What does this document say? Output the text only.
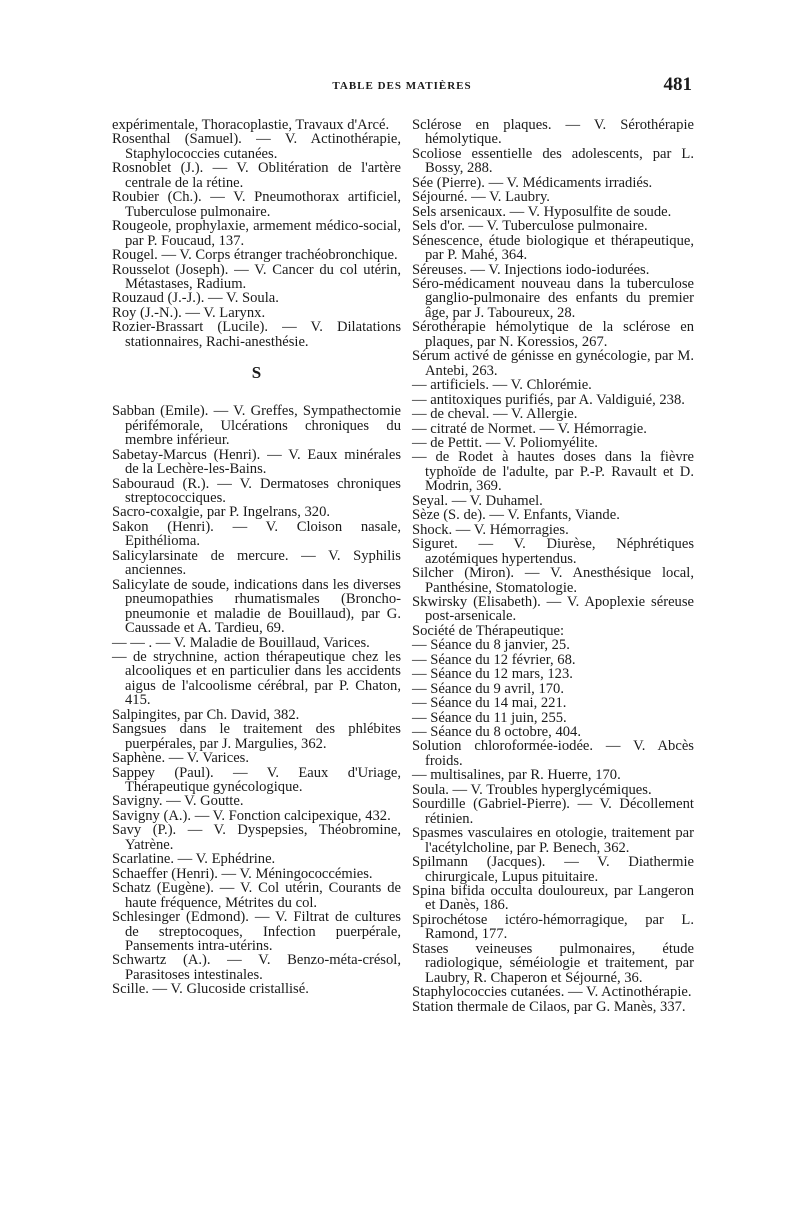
TABLE DES MATIÈRES	481

expérimentale, Thoracoplastie, Travaux d'Arcé.

Rosenthal (Samuel). — V. Actinothérapie, Staphylococcies cutanées.

Rosnoblet (J.). — V. Oblitération de l'artère centrale de la rétine.

Roubier (Ch.). — V. Pneumothorax artificiel, Tuberculose pulmonaire.

Rougeole, prophylaxie, armement médico-social, par P. Foucaud, 137.

Rougel. — V. Corps étranger trachéobronchique.

Rousselot (Joseph). — V. Cancer du col utérin, Métastases, Radium.

Rouzaud (J.-J.). — V. Soula.

Roy (J.-N.). — V. Larynx.

Rozier-Brassart (Lucile). — V. Dilatations stationnaires, Rachi-anesthésie.

S

Sabban (Emile). — V. Greffes, Sympathectomie périfémorale, Ulcérations chroniques du membre inférieur.

Sabetay-Marcus (Henri). — V. Eaux minérales de la Lechère-les-Bains.

Sabouraud (R.). — V. Dermatoses chroniques streptococciques.

Sacro-coxalgie, par P. Ingelrans, 320.

Sakon (Henri). — V. Cloison nasale, Epithélioma.

Salicylarsinate de mercure. — V. Syphilis anciennes.

Salicylate de soude, indications dans les diverses pneumopathies rhumatismales (Broncho-pneumonie et maladie de Bouillaud), par G. Caussade et A. Tardieu, 69.

— — . — V. Maladie de Bouillaud, Varices.

— de strychnine, action thérapeutique chez les alcooliques et en particulier dans les accidents aigus de l'alcoolisme cérébral, par P. Chaton, 415.

Salpingites, par Ch. David, 382.

Sangsues dans le traitement des phlébites puerpérales, par J. Margulies, 362.

Saphène. — V. Varices.

Sappey (Paul). — V. Eaux d'Uriage, Thérapeutique gynécologique.

Savigny. — V. Goutte.

Savigny (A.). — V. Fonction calcipexique, 432.

Savy (P.). — V. Dyspepsies, Théobromine, Yatrène.

Scarlatine. — V. Ephédrine.

Schaeffer (Henri). — V. Méningococcémies.

Schatz (Eugène). — V. Col utérin, Courants de haute fréquence, Métrites du col.

Schlesinger (Edmond). — V. Filtrat de cultures de streptocoques, Infection puerpérale, Pansements intra-utérins.

Schwartz (A.). — V. Benzo-méta-crésol, Parasitoses intestinales.

Scille. — V. Glucoside cristallisé.

Sclérose en plaques. — V. Sérothérapie hémolytique.

Scoliose essentielle des adolescents, par L. Bossy, 288.

Sée (Pierre). — V. Médicaments irradiés.

Séjourné. — V. Laubry.

Sels arsenicaux. — V. Hyposulfite de soude.

Sels d'or. — V. Tuberculose pulmonaire.

Sénescence, étude biologique et thérapeutique, par P. Mahé, 364.

Séreuses. — V. Injections iodo-iodurées.

Séro-médicament nouveau dans la tuberculose ganglio-pulmonaire des enfants du premier âge, par J. Taboureux, 28.

Sérothérapie hémolytique de la sclérose en plaques, par N. Koressios, 267.

Sérum activé de génisse en gynécologie, par M. Antebi, 263.

— artificiels. — V. Chlorémie.

— antitoxiques purifiés, par A. Valdiguié, 238.

— de cheval. — V. Allergie.

— citraté de Normet. — V. Hémorragie.

— de Pettit. — V. Poliomyélite.

— de Rodet à hautes doses dans la fièvre typhoïde de l'adulte, par P.-P. Ravault et D. Modrin, 369.

Seyal. — V. Duhamel.

Sèze (S. de). — V. Enfants, Viande.

Shock. — V. Hémorragies.

Siguret. — V. Diurèse, Néphrétiques azotémiques hypertendus.

Silcher (Miron). — V. Anesthésique local, Panthésine, Stomatologie.

Skwirsky (Elisabeth). — V. Apoplexie séreuse post-arsenicale.

Société de Thérapeutique:

— Séance du 8 janvier, 25.

— Séance du 12 février, 68.

— Séance du 12 mars, 123.

— Séance du 9 avril, 170.

— Séance du 14 mai, 221.

— Séance du 11 juin, 255.

— Séance du 8 octobre, 404.

Solution chloroformée-iodée. — V. Abcès froids.

— multisalines, par R. Huerre, 170.

Soula. — V. Troubles hyperglycémiques.

Sourdille (Gabriel-Pierre). — V. Décollement rétinien.

Spasmes vasculaires en otologie, traitement par l'acétylcholine, par P. Benech, 362.

Spilmann (Jacques). — V. Diathermie chirurgicale, Lupus pituitaire.

Spina bifida occulta douloureux, par Langeron et Danès, 186.

Spirochétose ictéro-hémorragique, par L. Ramond, 177.

Stases veineuses pulmonaires, étude radiologique, séméiologie et traitement, par Laubry, R. Chaperon et Séjourné, 36.

Staphylococcies cutanées. — V. Actinothérapie.

Station thermale de Cilaos, par G. Manès, 337.
